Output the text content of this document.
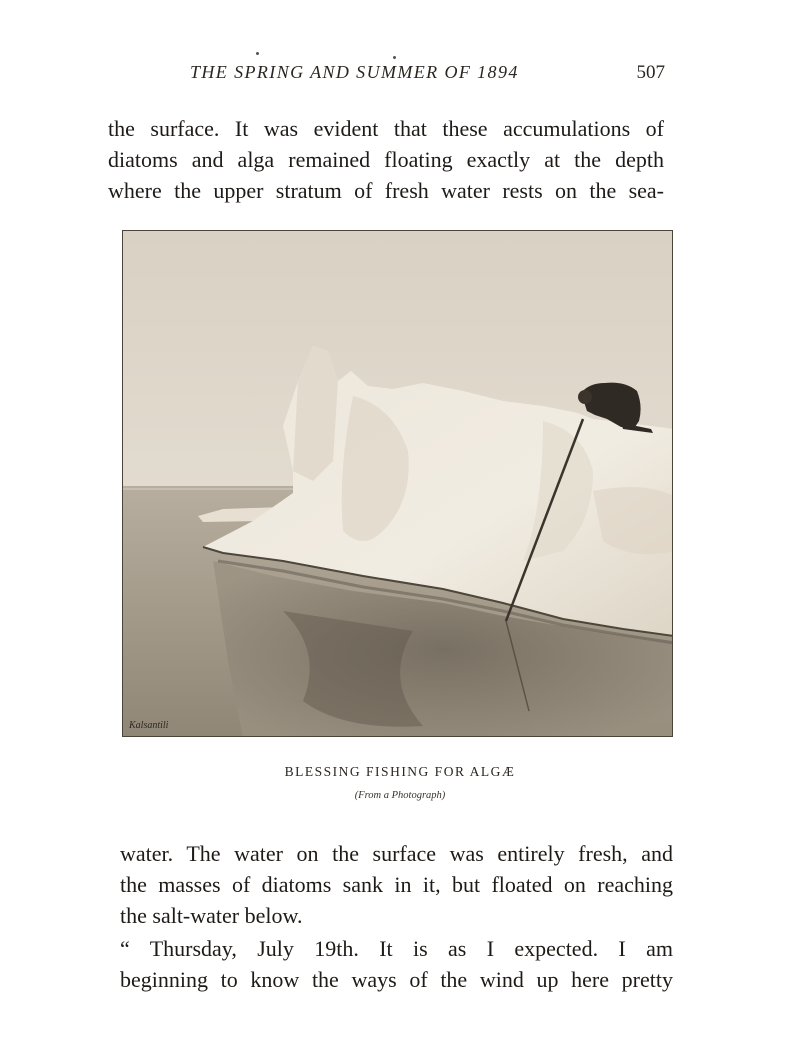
THE SPRING AND SUMMER OF 1894	507

the surface. It was evident that these accumulations of
diatoms and alga remained floating exactly at the depth
where the upper stratum of fresh water rests on the sea-

Kalsantili
BLESSING FISHING FOR ALGÆ
(From a Photograph)

water. The water on the surface was entirely fresh, and
the masses of diatoms sank in it, but floated on reaching
the salt-water below.
“ Thursday, July 19th. It is as I expected. I am
beginning to know the ways of the wind up here pretty
